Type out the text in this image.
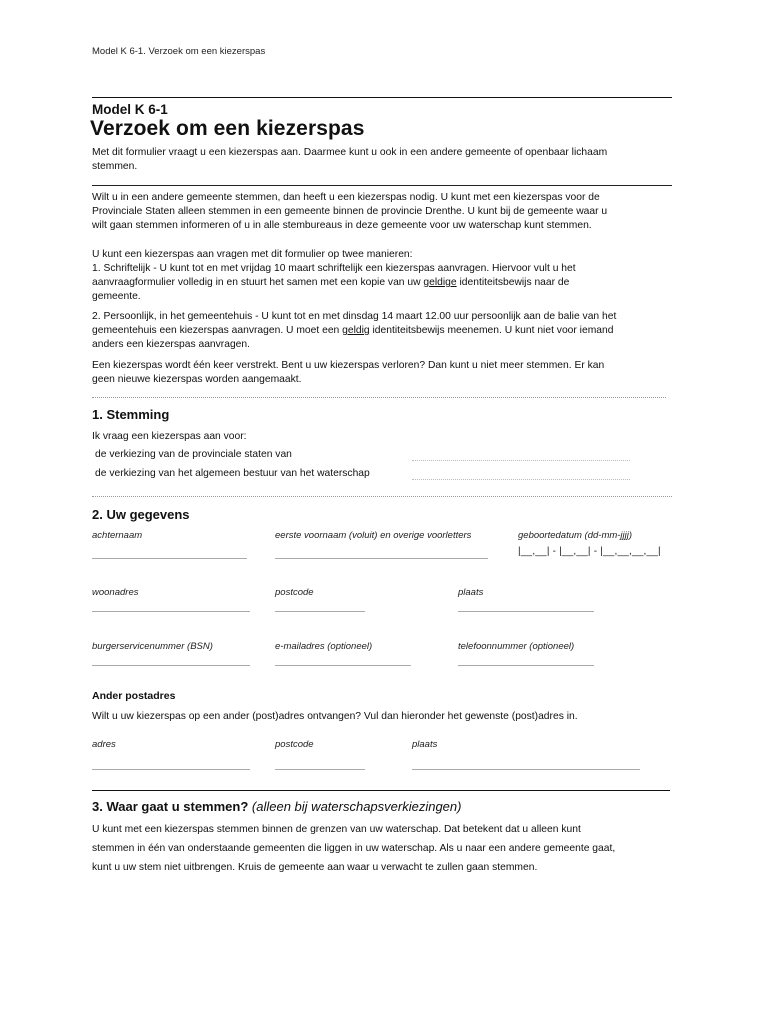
Model K 6-1. Verzoek om een kiezerspas
Model K 6-1
Verzoek om een kiezerspas
Met dit formulier vraagt u een kiezerspas aan. Daarmee kunt u ook in een andere gemeente of openbaar lichaam
stemmen.
Wilt u in een andere gemeente stemmen, dan heeft u een kiezerspas nodig. U kunt met een kiezerspas voor de
Provinciale Staten alleen stemmen in een gemeente binnen de provincie Drenthe. U kunt bij de gemeente waar u
wilt gaan stemmen informeren of u in alle stembureaus in deze gemeente voor uw waterschap kunt stemmen.
U kunt een kiezerspas aan vragen met dit formulier op twee manieren:
1. Schriftelijk - U kunt tot en met vrijdag 10 maart schriftelijk een kiezerspas aanvragen. Hiervoor vult u het
aanvraagformulier volledig in en stuurt het samen met een kopie van uw geldige identiteitsbewijs naar de
gemeente.
2. Persoonlijk, in het gemeentehuis - U kunt tot en met dinsdag 14 maart 12.00 uur persoonlijk aan de balie van het
gemeentehuis een kiezerspas aanvragen. U moet een geldig identiteitsbewijs meenemen. U kunt niet voor iemand
anders een kiezerspas aanvragen.
Een kiezerspas wordt één keer verstrekt. Bent u uw kiezerspas verloren? Dan kunt u niet meer stemmen. Er kan
geen nieuwe kiezerspas worden aangemaakt.
1. Stemming
Ik vraag een kiezerspas aan voor:
de verkiezing van de provinciale staten van
de verkiezing van het algemeen bestuur van het waterschap
2. Uw gegevens
achternaam	eerste voornaam (voluit) en overige voorletters	geboortedatum (dd-mm-jjjj)
|__,__| - |__,__| - |__,__,__,__|
woonadres	postcode	plaats
burgerservicenummer (BSN)	e-mailadres (optioneel)	telefoonnummer (optioneel)
Ander postadres
Wilt u uw kiezerspas op een ander (post)adres ontvangen? Vul dan hieronder het gewenste (post)adres in.
adres	postcode	plaats
3. Waar gaat u stemmen? (alleen bij waterschapsverkiezingen)
U kunt met een kiezerspas stemmen binnen de grenzen van uw waterschap. Dat betekent dat u alleen kunt
stemmen in één van onderstaande gemeenten die liggen in uw waterschap. Als u naar een andere gemeente gaat,
kunt u uw stem niet uitbrengen. Kruis de gemeente aan waar u verwacht te zullen gaan stemmen.
